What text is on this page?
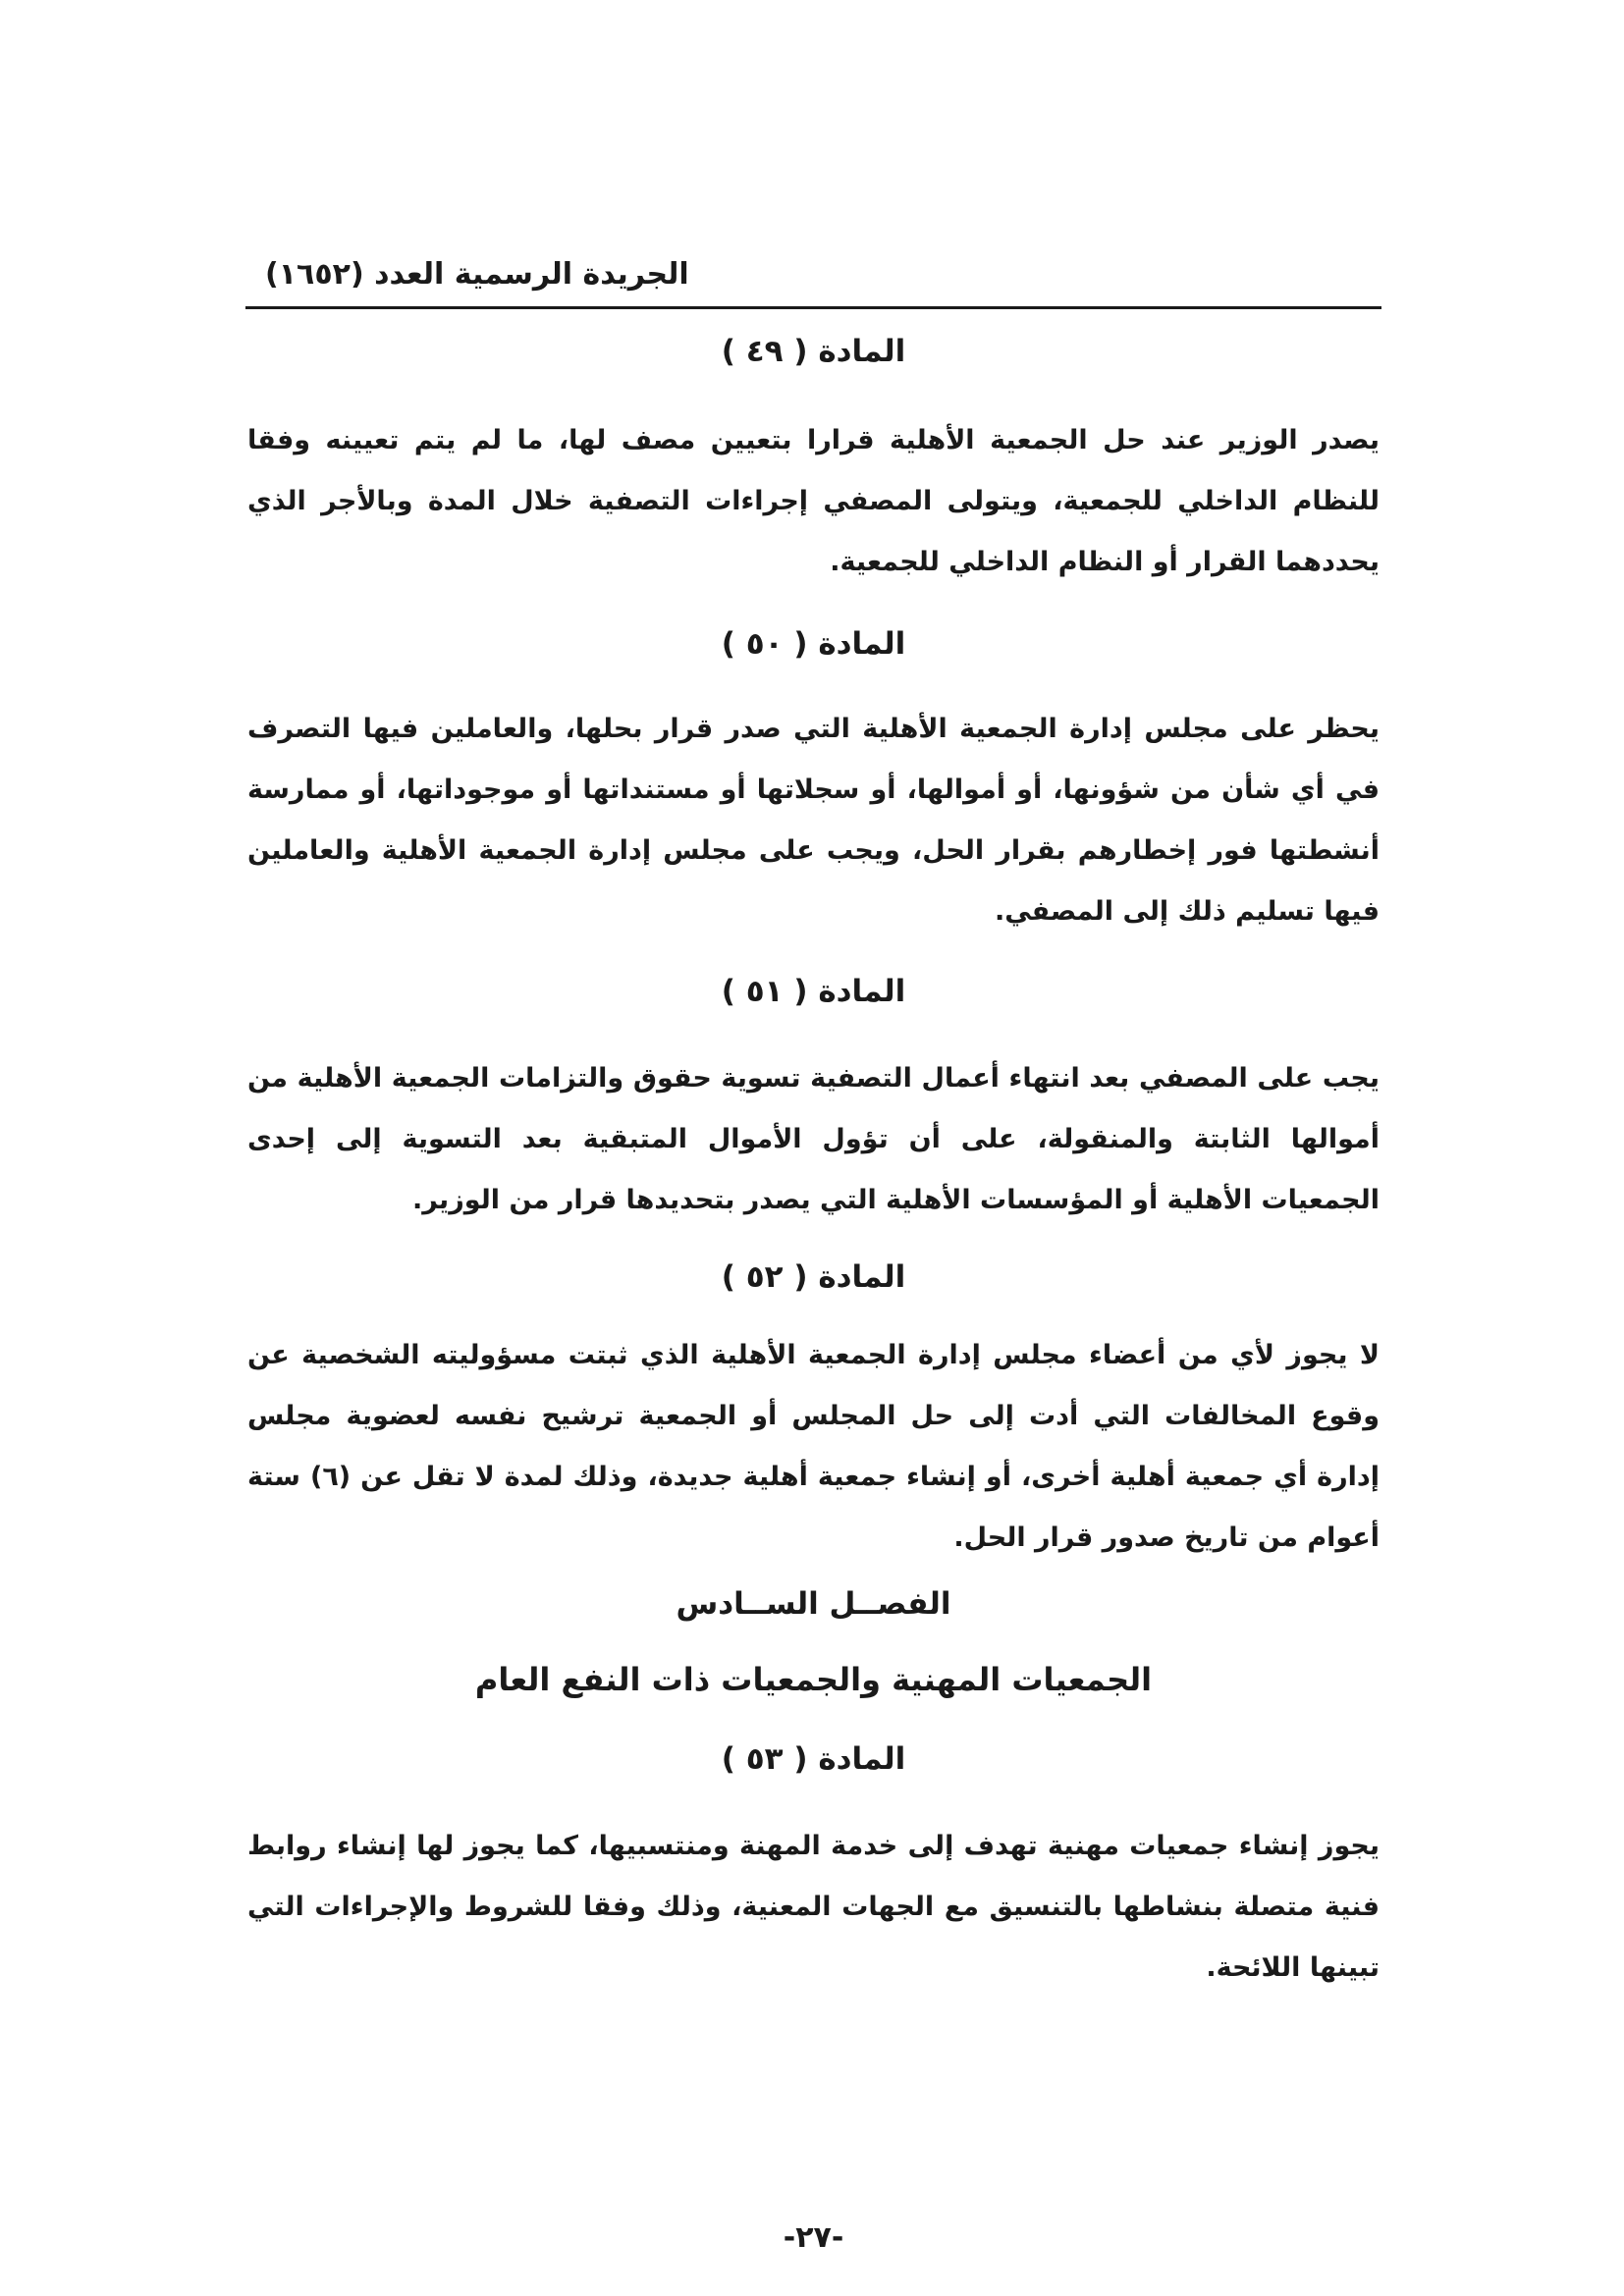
الجريدة الرسمية العدد (١٦٥٢)
المادة ( ٤٩ )
يصدر الوزير عند حل الجمعية الأهلية قرارا بتعيين مصف لها، ما لم يتم تعيينه وفقا للنظام الداخلي للجمعية، ويتولى المصفي إجراءات التصفية خلال المدة وبالأجر الذي يحددهما القرار أو النظام الداخلي للجمعية.
المادة ( ٥٠ )
يحظر على مجلس إدارة الجمعية الأهلية التي صدر قرار بحلها، والعاملين فيها التصرف في أي شأن من شؤونها، أو أموالها، أو سجلاتها أو مستنداتها أو موجوداتها، أو ممارسة أنشطتها فور إخطارهم بقرار الحل، ويجب على مجلس إدارة الجمعية الأهلية والعاملين فيها تسليم ذلك إلى المصفي.
المادة ( ٥١ )
يجب على المصفي بعد انتهاء أعمال التصفية تسوية حقوق والتزامات الجمعية الأهلية من أموالها الثابتة والمنقولة، على أن تؤول الأموال المتبقية بعد التسوية إلى إحدى الجمعيات الأهلية أو المؤسسات الأهلية التي يصدر بتحديدها قرار من الوزير.
المادة ( ٥٢ )
لا يجوز لأي من أعضاء مجلس إدارة الجمعية الأهلية الذي ثبتت مسؤوليته الشخصية عن وقوع المخالفات التي أدت إلى حل المجلس أو الجمعية ترشيح نفسه لعضوية مجلس إدارة أي جمعية أهلية أخرى، أو إنشاء جمعية أهلية جديدة، وذلك لمدة لا تقل عن (٦) ستة أعوام من تاريخ صدور قرار الحل.
الفصــل الســادس
الجمعيات المهنية والجمعيات ذات النفع العام
المادة ( ٥٣ )
يجوز إنشاء جمعيات مهنية تهدف إلى خدمة المهنة ومنتسبيها، كما يجوز لها إنشاء روابط فنية متصلة بنشاطها بالتنسيق مع الجهات المعنية، وذلك وفقا للشروط والإجراءات التي تبينها اللائحة.
-٢٧-
